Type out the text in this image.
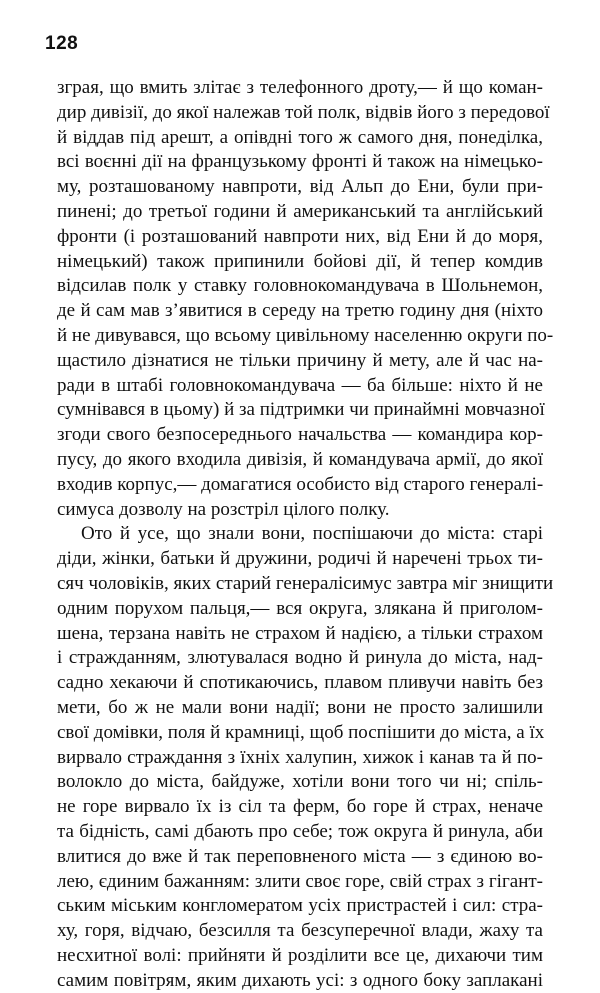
128
зграя, що вмить злітає з телефонного дроту,— й що коман-
дир дивізії, до якої належав той полк, відвів його з передової
й віддав під арешт, а опівдні того ж самого дня, понеділка,
всі воєнні дії на французькому фронті й також на німецько-
му, розташованому навпроти, від Альп до Ени, були при-
пинені; до третьої години й американський та англійський
фронти (і розташований навпроти них, від Ени й до моря,
німецький) також припинили бойові дії, й тепер комдив
відсилав полк у ставку головнокомандувача в Шольнемон,
де й сам мав з’явитися в середу на третю годину дня (ніхто
й не дивувався, що всьому цивільному населенню округи по-
щастило дізнатися не тільки причину й мету, але й час на-
ради в штабі головнокомандувача — ба більше: ніхто й не
сумнівався в цьому) й за підтримки чи принаймні мовчазної
згоди свого безпосереднього начальства — командира кор-
пусу, до якого входила дивізія, й командувача армії, до якої
входив корпус,— домагатися особисто від старого генералі-
симуса дозволу на розстріл цілого полку.
Ото й усе, що знали вони, поспішаючи до міста: старі
діди, жінки, батьки й дружини, родичі й наречені трьох ти-
сяч чоловіків, яких старий генералісимус завтра міг знищити
одним порухом пальця,— вся округа, злякана й приголом-
шена, терзана навіть не страхом й надією, а тільки страхом
і стражданням, злютувалася водно й ринула до міста, над-
садно хекаючи й спотикаючись, плавом пливучи навіть без
мети, бо ж не мали вони надії; вони не просто залишили
свої домівки, поля й крамниці, щоб поспішити до міста, а їх
вирвало страждання з їхніх халупин, хижок і канав та й по-
волокло до міста, байдуже, хотіли вони того чи ні; спіль-
не горе вирвало їх із сіл та ферм, бо горе й страх, неначе
та бідність, самі дбають про себе; тож округа й ринула, аби
влитися до вже й так переповненого міста — з єдиною во-
лею, єдиним бажанням: злити своє горе, свій страх з гігант-
ським міським конгломератом усіх пристрастей і сил: стра-
ху, горя, відчаю, безсилля та безсуперечної влади, жаху та
несхитної волі: прийняти й розділити все це, дихаючи тим
самим повітрям, яким дихають усі: з одного боку заплакані
